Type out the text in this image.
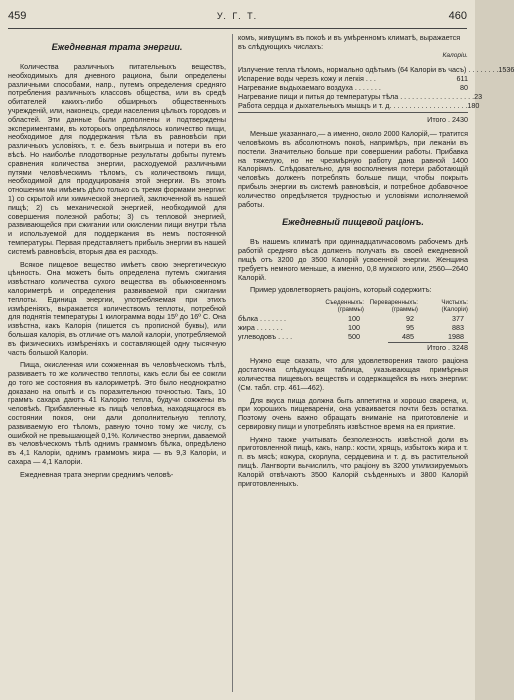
459	У. Г. Т.	460
Ежедневная трата энергии.

Количества различныхъ питательныхъ веществъ, необходимыхъ для дневного рациона, были определены различными способами, напр., путемъ определения средняго потребления различныхъ классовъ общества, или въ средѣ обитателей какихъ-либо обширныхъ общественныхъ учрежденій, или, наконецъ, среди населения цѣлыхъ городовъ и областей. Эти данные были дополнены и подтверждены экспериментами, въ которыхъ опредѣлялось количество пищи, необходимое для поддержания тѣла въ равновѣсіи при различныхъ условіяхъ, т. е. безъ выигрыша и потери въ его вѣсѣ. Но наиболѣе плодотворные результаты добыты путемъ сравнения количества энергии, расходуемой различными путями человѣческимъ тѣломъ, съ количествомъ пищи, необходимой для продуцированія этой энергии. Въ этомъ отношении мы имѣемъ дѣло только съ тремя формами энергии: 1) со скрытой или химической энергией, заключенной въ нашей пищѣ; 2) съ механической энергией, необходимой для совершения полезной работы; 3) съ тепловой энергией, развивающейся при сжигании или окислении пищи внутри тѣла и используемой для поддержания въ немъ постоянной температуры. Первая представляетъ прибыль энергии въ нашей системѣ равновѣсія, вторыя два ея расходъ.

Всякое пищевое вещество имѣетъ свою энергетическую цѣнность. Она можетъ быть определена путемъ сжигания извѣстнаго количества сухого вещества въ обыкновенномъ калориметрѣ и определения развиваемой при сжигании теплоты. Единица энергии, употребляемая при этихъ измѣреніяхъ, выражается количествомъ теплоты, потребной для поднятія температуры 1 килограмма воды 15º до 16º С. Она извѣстна, какъ Калорія (пишется съ прописной буквы), или большая калорія, въ отличие отъ малой калоріи, употребляемой въ физическихъ измѣреніяхъ и составляющей одну тысячную часть большой Калоріи.

Пища, окисленная или сожженная въ человѣческомъ тѣлѣ, развиваетъ то же количество теплоты, какъ если бы ее сожгли до того же состояния въ калориметрѣ. Это было неоднократно доказано на опытѣ и съ поразительною точностью. Такъ, 10 граммъ сахара даютъ 41 Калорію тепла, будучи сожжены въ человѣкѣ. Прибавленные къ пищѣ человѣка, находящагося въ состоянии покоя, они дали дополнительную теплоту, развиваемую его тѣломъ, равную точно тому же числу, съ ошибкой не превышающей 0,1%. Количество энергии, даваемой въ человѣческомъ тѣлѣ однимъ граммомъ бѣлка, опредѣлено въ 4,1 Калоріи, однимъ граммомъ жира — въ 9,3 Калоріи, и сахара — 4,1 Калоріи.

Ежедневная трата энергии среднимъ человѣ-

комъ, живущимъ въ покоѣ и въ умѣренномъ климатѣ, выражается въ слѣдующихъ числахъ:

Калоріи.

Излучение тепла тѣломъ, нормально одѣтымъ (64 Калоріи въ часъ) . . . . . . . . 1536
Испарение воды черезъ кожу и легкія . . .	611
Нагревание выдыхаемаго воздуха . . . . . . .	80
Нагревание пищи и питья до температуры тѣла . . . . . . . . . . . . . . . . . . . 23
Работа сердца и дыхательныхъ мышцъ и т. д. . . . . . . . . . . . . . . . . . . . 180
Итого . 2430

Меньше указаннаго,— а именно, около 2000 Калорій,— тратится человѣкомъ въ абсолютномъ покоѣ, напримѣръ, при лежаніи въ постели. Значительно больше при совершении работы. Прибавка на тяжелую, но не чрезмѣрную работу дана равной 1400 Калоріямъ. Слѣдовательно, для восполнения потери работающій человѣкъ долженъ потреблять больше пищи, чтобы покрыть прибыль энергии въ системѣ равновѣсія, и потребное добавочное количество опредѣляется трудностью и условіями исполняемой работы.

Ежедневный пищевой рацiонъ.

Въ нашемъ климатѣ при одиннадцатичасовомъ рабочемъ днѣ работій средняго вѣса долженъ получать въ своей ежедневной пищѣ отъ 3200 до 3500 Калорій усвоенной энергии. Женщина требуетъ немного меньше, а именно, 0,8 мужского или, 2560—2640 Калорій.

Пример удовлетворяетъ рацiонъ, который содержитъ:

Съеденныхъ: (граммы)
Переваренныхъ: (граммы)
Чистыхъ: (Калоріи)
бѣлка . . . . . . .	100	92	377
жира . . . . . . .	100	95	883
углеводовъ . . . .	500	485	1988
Итого . 3248

Нужно еще сказать, что для удовлетворения такого рацiона достаточна слѣдующая таблица, указывающая примѣрныя количества пищевыхъ веществъ и содержащейся въ нихъ энергии: (См. табл. стр. 461—462).

Для вкуса пища должна быть аппетитна и хорошо сварена, и, при хорошихъ пищевареніи, она усваивается почти безъ остатка. Поэтому очень важно обращать вниманіе на приготовленіе и сервировку пищи и употреблять извѣстное время на ея приятие.

Нужно также учитывать безполезность извѣстной доли въ приготовленной пищѣ, какъ, напр.: кости, хрящъ, избытокъ жира и т. п. въ мясѣ; кожура, скорлупа, сердцевина и т. д. въ растительной пищѣ. Лангворти вычислилъ, что рацiону въ 3200 утилизируемыхъ Калорій отвѣчаютъ 3500 Калорій съѣденныхъ и 3800 Калорій приготовленныхъ.
